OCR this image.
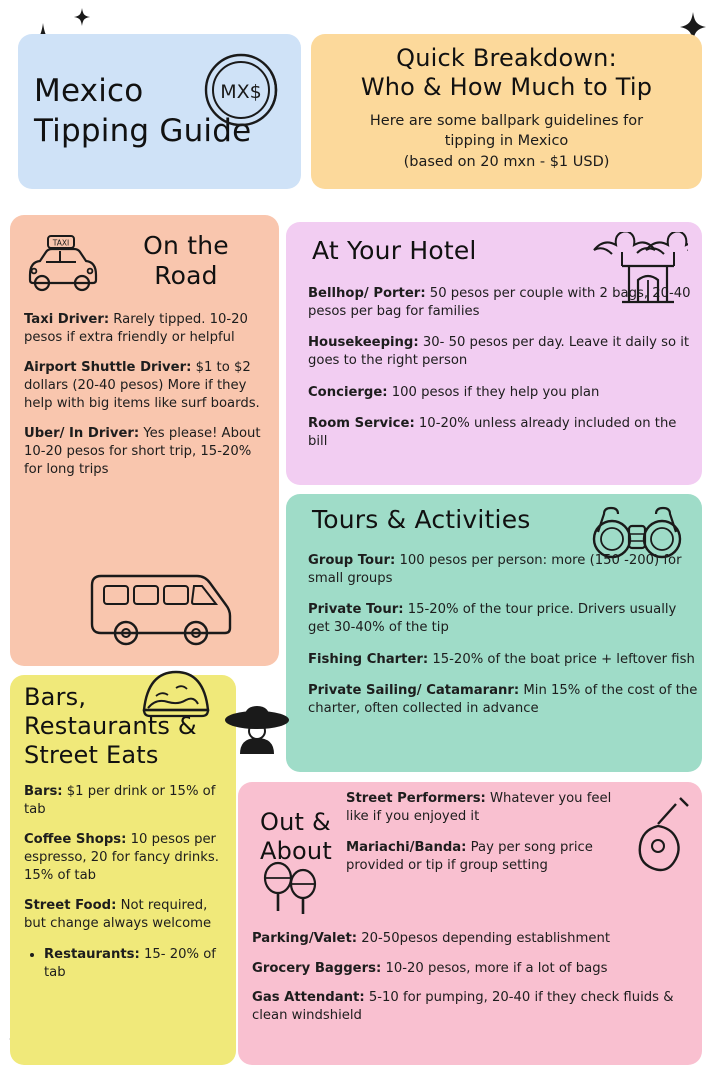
Mexico
Tipping Guide
MX$
Quick Breakdown:
Who & How Much to Tip
Here are some ballpark guidelines for
tipping in Mexico
(based on 20 mxn - $1 USD)
TAXI	On the
Road

Taxi Driver: Rarely tipped. 10-20 pesos if extra friendly or helpful

Airport Shuttle Driver: $1 to $2 dollars (20-40 pesos) More if they help with big items like surf boards.

Uber/ In Driver: Yes please! About 10-20 pesos for short trip, 15-20% for long trips

At Your Hotel

Bellhop/ Porter: 50 pesos per couple with 2 bags, 20-40 pesos per bag for families

Housekeeping: 30- 50 pesos per day. Leave it daily so it goes to the right person

Concierge: 100 pesos if they help you plan

Room Service: 10-20% unless already included on the bill

Tours & Activities

Group Tour: 100 pesos per person: more (150 -200) for small groups

Private Tour: 15-20% of the tour price. Drivers usually get 30-40% of the tip

Fishing Charter: 15-20% of the boat price + leftover fish

Private Sailing/ Catamaranr: Min 15% of the cost of the charter, often collected in advance

Bars,
Restaurants &
Street Eats

Bars: $1 per drink or 15% of tab

Coffee Shops: 10 pesos per espresso, 20 for fancy drinks. 15% of tab

Street Food: Not required, but change always welcome

• Restaurants: 15- 20% of tab
Out &
About

Street Performers: Whatever you feel like if you enjoyed it

Mariachi/Banda: Pay per song price provided or tip if group setting

Parking/Valet: 20-50pesos depending establishment

Grocery Baggers: 10-20 pesos, more if a lot of bags

Gas Attendant: 5-10 for pumping, 20-40 if they check fluids & clean windshield
